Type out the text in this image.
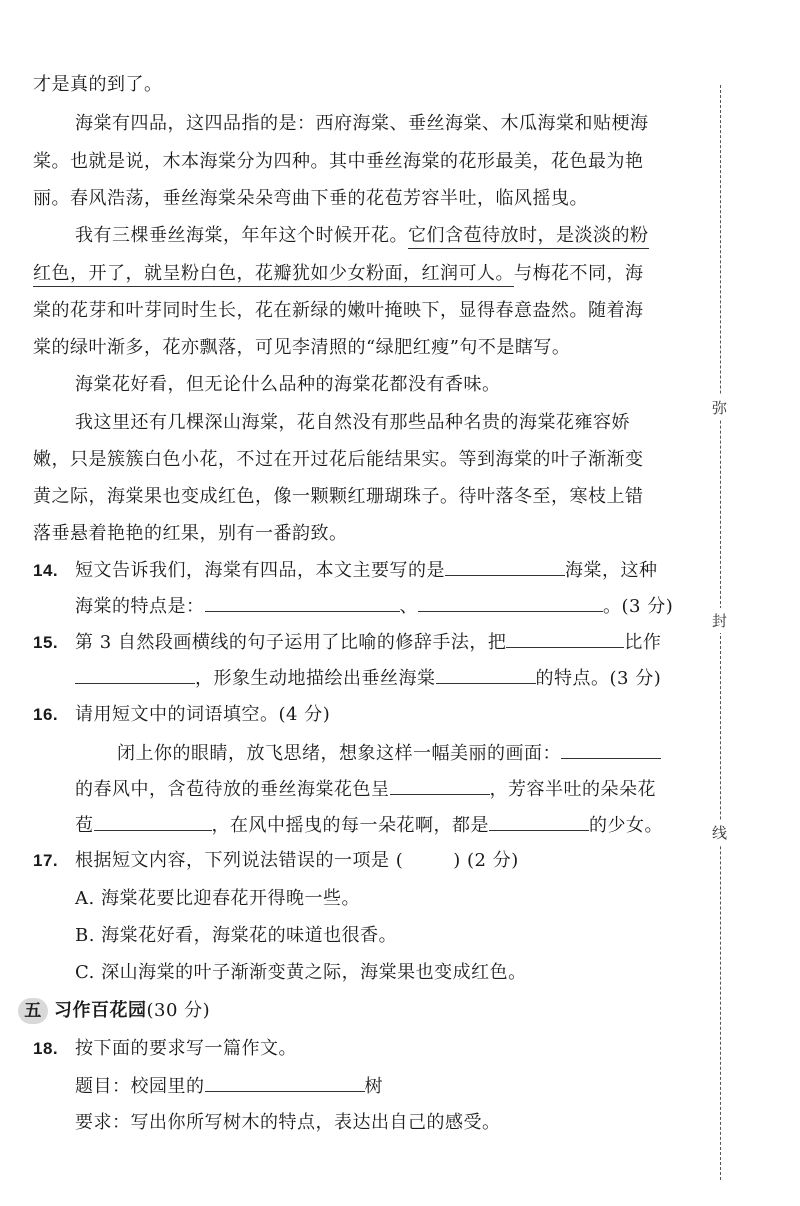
才是真的到了。
海棠有四品，这四品指的是：西府海棠、垂丝海棠、木瓜海棠和贴梗海
棠。也就是说，木本海棠分为四种。其中垂丝海棠的花形最美，花色最为艳
丽。春风浩荡，垂丝海棠朵朵弯曲下垂的花苞芳容半吐，临风摇曳。
我有三棵垂丝海棠，年年这个时候开花。它们含苞待放时，是淡淡的粉
红色，开了，就呈粉白色，花瓣犹如少女粉面，红润可人。与梅花不同，海
棠的花芽和叶芽同时生长，花在新绿的嫩叶掩映下，显得春意盎然。随着海
棠的绿叶渐多，花亦飘落，可见李清照的“绿肥红瘦”句不是瞎写。
海棠花好看，但无论什么品种的海棠花都没有香味。
我这里还有几棵深山海棠，花自然没有那些品种名贵的海棠花雍容娇
嫩，只是簇簇白色小花，不过在开过花后能结果实。等到海棠的叶子渐渐变
黄之际，海棠果也变成红色，像一颗颗红珊瑚珠子。待叶落冬至，寒枝上错
落垂悬着艳艳的红果，别有一番韵致。
14. 短文告诉我们，海棠有四品，本文主要写的是	海棠，这种
海棠的特点是：	、	。(3 分)
15. 第 3 自然段画横线的句子运用了比喻的修辞手法，把	比作
，形象生动地描绘出垂丝海棠	的特点。(3 分)
16. 请用短文中的词语填空。(4 分)
闭上你的眼睛，放飞思绪，想象这样一幅美丽的画面：
的春风中，含苞待放的垂丝海棠花色呈	，芳容半吐的朵朵花
苞	，在风中摇曳的每一朵花啊，都是	的少女。
17. 根据短文内容，下列说法错误的一项是 (	) (2 分)
A. 海棠花要比迎春花开得晚一些。
B. 海棠花好看，海棠花的味道也很香。
C. 深山海棠的叶子渐渐变黄之际，海棠果也变成红色。
五 习作百花园(30 分)
18. 按下面的要求写一篇作文。
题目：校园里的	树
要求：写出你所写树木的特点，表达出自己的感受。
弥
封
线
